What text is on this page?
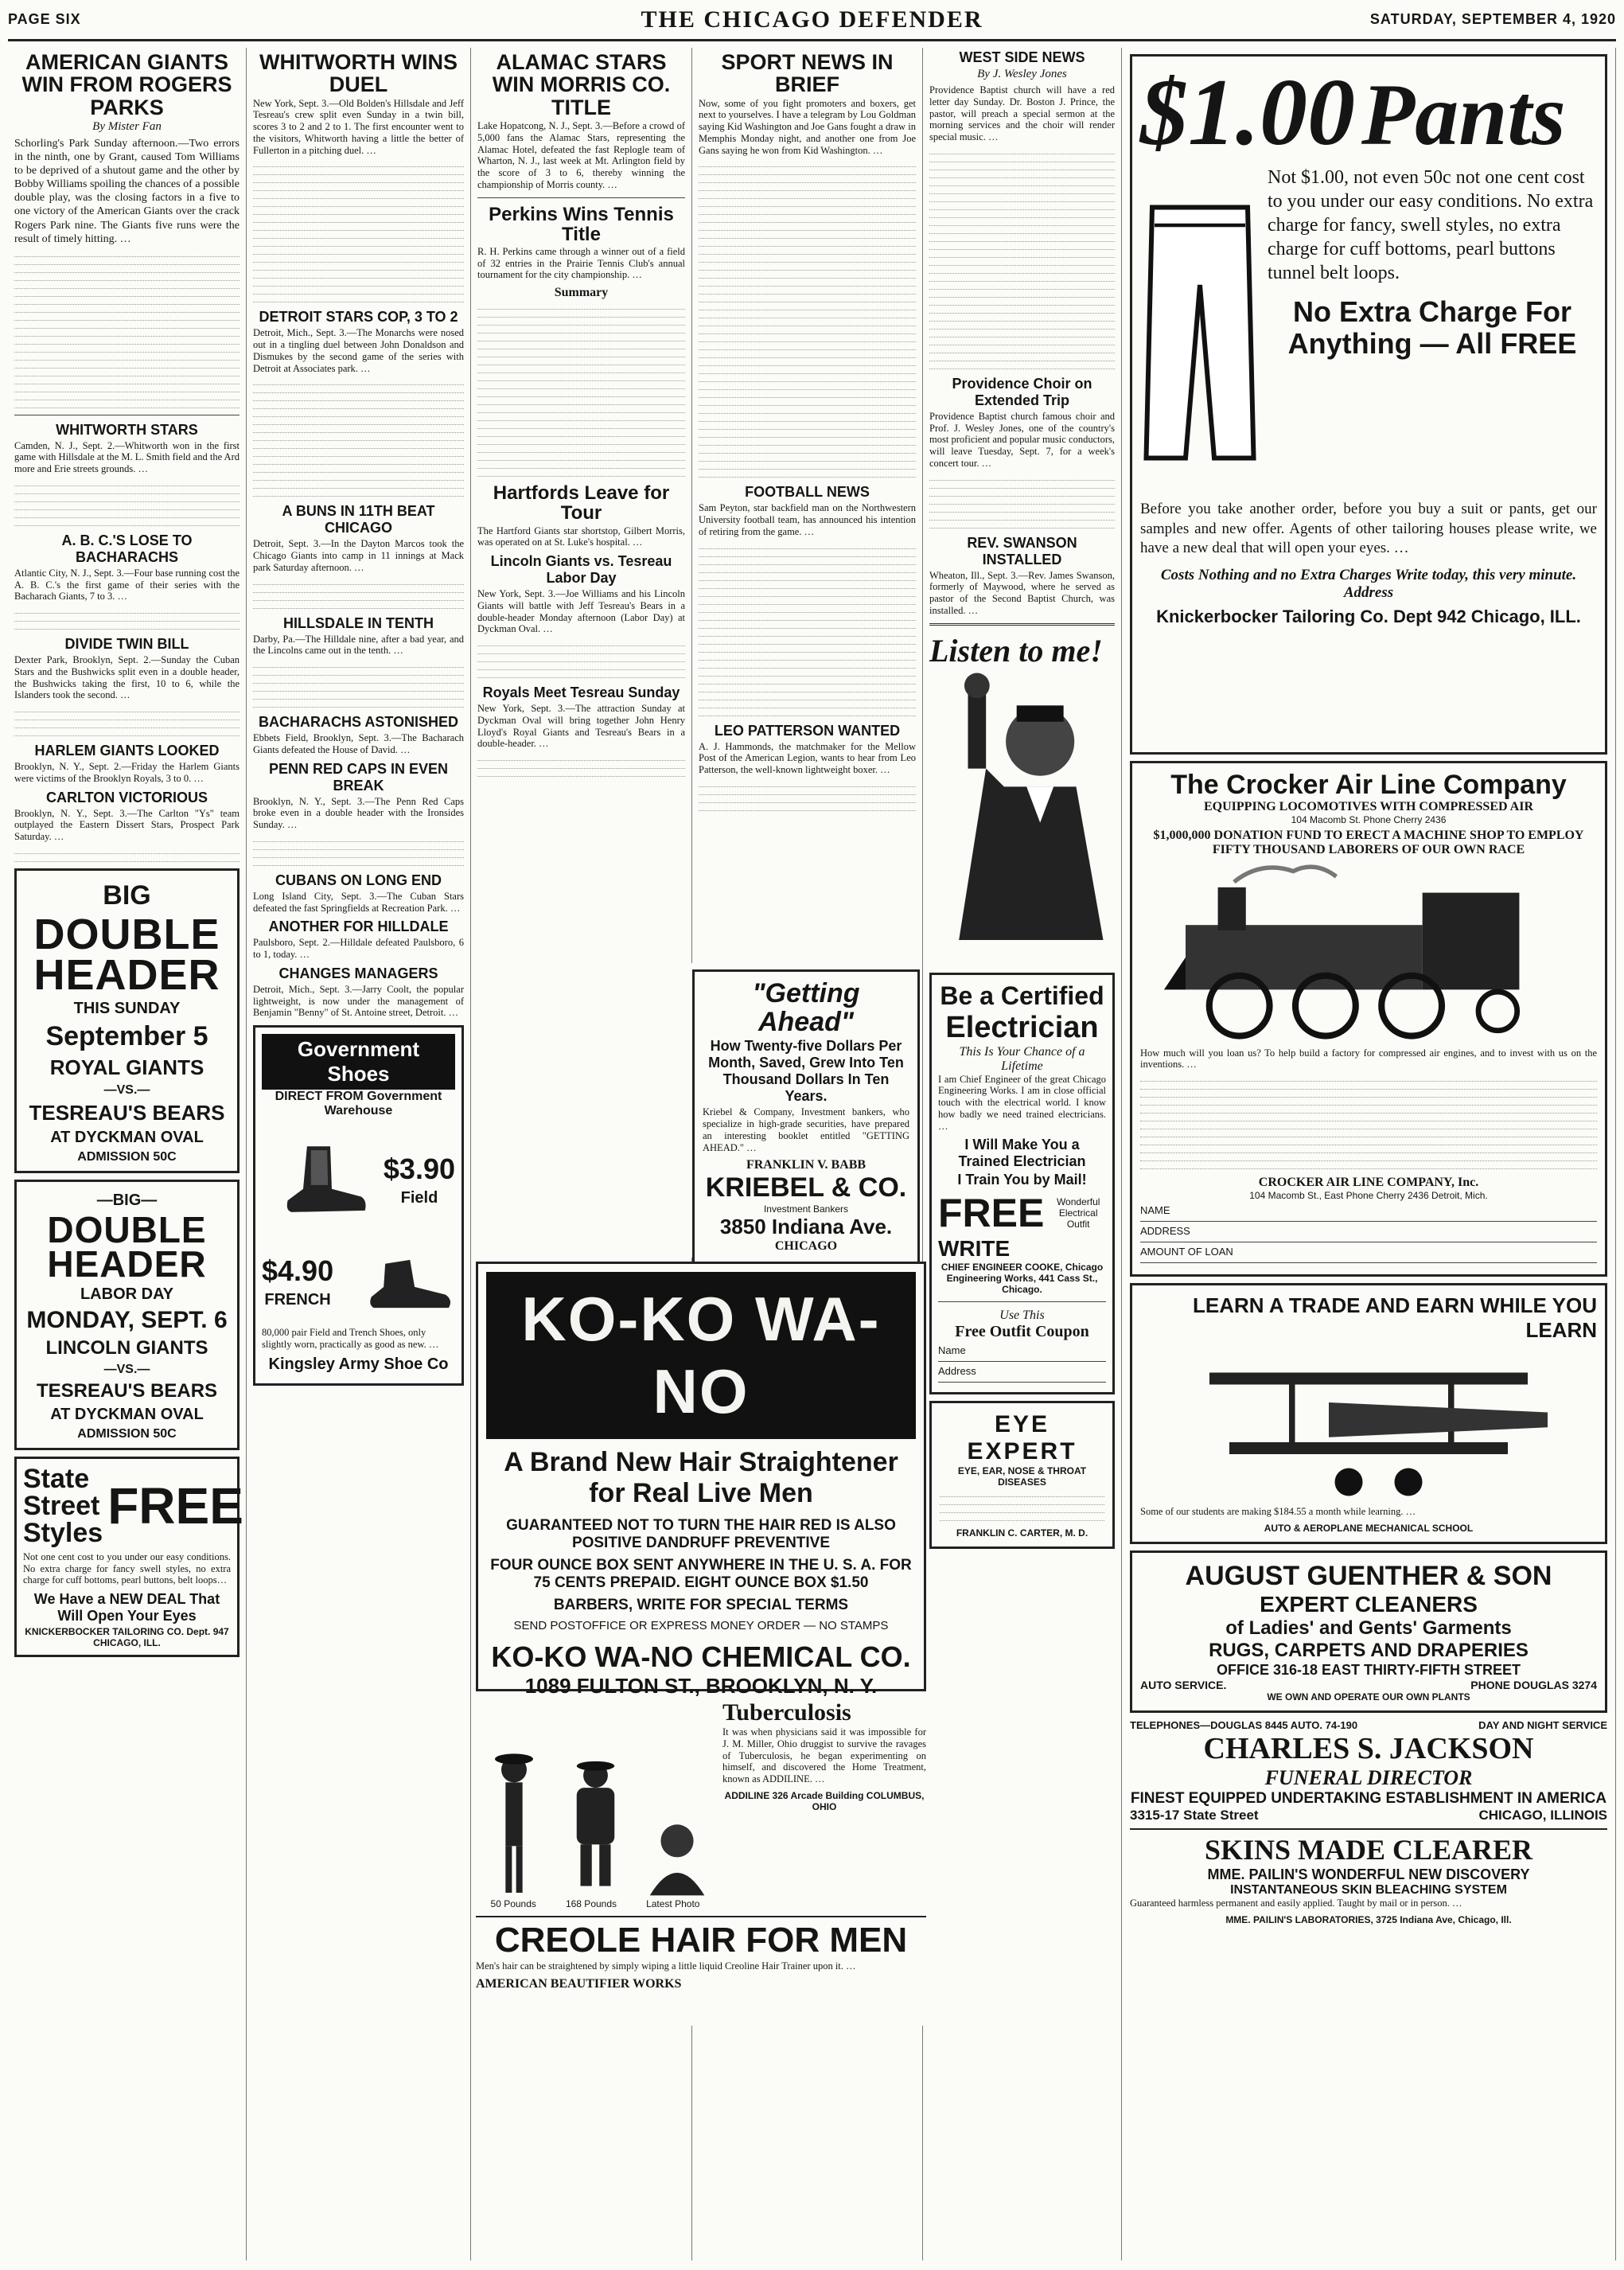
PAGE SIX	THE CHICAGO DEFENDER	SATURDAY, SEPTEMBER 4, 1920
AMERICAN GIANTS WIN FROM ROGERS PARKS
By Mister Fan
Schorling's Park Sunday afternoon.—Two errors in the ninth, one by Grant, caused Tom Williams to be deprived of a shutout game and the other by Bobby Williams spoiling the chances of a possible double play, was the closing factors in a five to one victory of the American Giants over the crack Rogers Park nine. The Giants five runs were the result of timely hitting. …
WHITWORTH STARS
Camden, N. J., Sept. 2.—Whitworth won in the first game with Hillsdale at the M. L. Smith field and the Ard more and Erie streets grounds. …
A. B. C.'S LOSE TO BACHARACHS
Atlantic City, N. J., Sept. 3.—Four base running cost the A. B. C.'s the first game of their series with the Bacharach Giants, 7 to 3. …
DIVIDE TWIN BILL
Dexter Park, Brooklyn, Sept. 2.—Sunday the Cuban Stars and the Bushwicks split even in a double header, the Bushwicks taking the first, 10 to 6, while the Islanders took the second. …
HARLEM GIANTS LOOKED
Brooklyn, N. Y., Sept. 2.—Friday the Harlem Giants were victims of the Brooklyn Royals, 3 to 0. …
CARLTON VICTORIOUS
Brooklyn, N. Y., Sept. 3.—The Carlton "Ys" team outplayed the Eastern Dissert Stars, Prospect Park Saturday. …
BIG
DOUBLE HEADER
THIS SUNDAY
September 5
ROYAL GIANTS
—VS.—
TESREAU'S BEARS
AT DYCKMAN OVAL
ADMISSION 50C
—BIG—
DOUBLE HEADER
LABOR DAY
MONDAY, SEPT. 6
LINCOLN GIANTS
—VS.—
TESREAU'S BEARS
AT DYCKMAN OVAL
ADMISSION 50C
State Street Styles FREE
Not one cent cost to you under our easy conditions. No extra charge for fancy swell styles, no extra charge for cuff bottoms, pearl buttons, belt loops…
We Have a NEW DEAL That Will Open Your Eyes
KNICKERBOCKER TAILORING CO. Dept. 947 CHICAGO, ILL.
WHITWORTH WINS DUEL
New York, Sept. 3.—Old Bolden's Hillsdale and Jeff Tesreau's crew split even Sunday in a twin bill, scores 3 to 2 and 2 to 1. The first encounter went to the visitors, Whitworth having a little the better of Fullerton in a pitching duel. …
DETROIT STARS COP, 3 TO 2
Detroit, Mich., Sept. 3.—The Monarchs were nosed out in a tingling duel between John Donaldson and Dismukes by the second game of the series with Detroit at Associates park. …
A BUNS IN 11TH BEAT CHICAGO
Detroit, Sept. 3.—In the Dayton Marcos took the Chicago Giants into camp in 11 innings at Mack park Saturday afternoon. …
HILLSDALE IN TENTH
Darby, Pa.—The Hilldale nine, after a bad year, and the Lincolns came out in the tenth. …
BACHARACHS ASTONISHED
Ebbets Field, Brooklyn, Sept. 3.—The Bacharach Giants defeated the House of David. …
PENN RED CAPS IN EVEN BREAK
Brooklyn, N. Y., Sept. 3.—The Penn Red Caps broke even in a double header with the Ironsides Sunday. …
CUBANS ON LONG END
Long Island City, Sept. 3.—The Cuban Stars defeated the fast Springfields at Recreation Park. …
ANOTHER FOR HILLDALE
Paulsboro, Sept. 2.—Hilldale defeated Paulsboro, 6 to 1, today. …
CHANGES MANAGERS
Detroit, Mich., Sept. 3.—Jarry Coolt, the popular lightweight, is now under the management of Benjamin "Benny" of St. Antoine street, Detroit. …
Government Shoes
DIRECT FROM Government Warehouse
$3.90
Field
$4.90
FRENCH
80,000 pair Field and Trench Shoes, only slightly worn, practically as good as new. …
Kingsley Army Shoe Co
ALAMAC STARS WIN MORRIS CO. TITLE
Lake Hopatcong, N. J., Sept. 3.—Before a crowd of 5,000 fans the Alamac Stars, representing the Alamac Hotel, defeated the fast Replogle team of Wharton, N. J., last week at Mt. Arlington field by the score of 3 to 6, thereby winning the championship of Morris county. …
Perkins Wins Tennis Title
R. H. Perkins came through a winner out of a field of 32 entries in the Prairie Tennis Club's annual tournament for the city championship. …
Summary
Hartfords Leave for Tour
The Hartford Giants star shortstop, Gilbert Morris, was operated on at St. Luke's hospital. …
Lincoln Giants vs. Tesreau Labor Day
New York, Sept. 3.—Joe Williams and his Lincoln Giants will battle with Jeff Tesreau's Bears in a double-header Monday afternoon (Labor Day) at Dyckman Oval. …
Royals Meet Tesreau Sunday
New York, Sept. 3.—The attraction Sunday at Dyckman Oval will bring together John Henry Lloyd's Royal Giants and Tesreau's Bears in a double-header. …
SPORT NEWS IN BRIEF
Now, some of you fight promoters and boxers, get next to yourselves. I have a telegram by Lou Goldman saying Kid Washington and Joe Gans fought a draw in Memphis Monday night, and another one from Joe Gans saying he won from Kid Washington. …
FOOTBALL NEWS
Sam Peyton, star backfield man on the Northwestern University football team, has announced his intention of retiring from the game. …
LEO PATTERSON WANTED
A. J. Hammonds, the matchmaker for the Mellow Post of the American Legion, wants to hear from Leo Patterson, the well-known lightweight boxer. …
"Getting Ahead"
How Twenty-five Dollars Per Month, Saved, Grew Into Ten Thousand Dollars In Ten Years.
Kriebel & Company, Investment bankers, who specialize in high-grade securities, have prepared an interesting booklet entitled "GETTING AHEAD." …
FRANKLIN V. BABB
KRIEBEL & CO.
Investment Bankers
3850 Indiana Ave.
CHICAGO
KO-KO WA-NO
A Brand New Hair Straightener for Real Live Men
GUARANTEED NOT TO TURN THE HAIR RED IS ALSO POSITIVE DANDRUFF PREVENTIVE
FOUR OUNCE BOX SENT ANYWHERE IN THE U. S. A. FOR 75 CENTS PREPAID. EIGHT OUNCE BOX $1.50
BARBERS, WRITE FOR SPECIAL TERMS
SEND POSTOFFICE OR EXPRESS MONEY ORDER — NO STAMPS
KO-KO WA-NO CHEMICAL CO.
1089 FULTON ST., BROOKLYN, N. Y.
Tuberculosis
It was when physicians said it was impossible for J. M. Miller, Ohio druggist to survive the ravages of Tuberculosis, he began experimenting on himself, and discovered the Home Treatment, known as ADDILINE. …
ADDILINE 326 Arcade Building COLUMBUS, OHIO
50 Pounds	168 Pounds	Latest Photo
CREOLE HAIR FOR MEN
Men's hair can be straightened by simply wiping a little liquid Creoline Hair Trainer upon it. …
AMERICAN BEAUTIFIER WORKS
WEST SIDE NEWS
By J. Wesley Jones
Providence Baptist church will have a red letter day Sunday. Dr. Boston J. Prince, the pastor, will preach a special sermon at the morning services and the choir will render special music. …
Providence Choir on Extended Trip
Providence Baptist church famous choir and Prof. J. Wesley Jones, one of the country's most proficient and popular music conductors, will leave Tuesday, Sept. 7, for a week's concert tour. …
REV. SWANSON INSTALLED
Wheaton, Ill., Sept. 3.—Rev. James Swanson, formerly of Maywood, where he served as pastor of the Second Baptist Church, was installed. …
Listen to me!
Be a Certified
Electrician
This Is Your Chance of a Lifetime
I am Chief Engineer of the great Chicago Engineering Works. I am in close official touch with the electrical world. I know how badly we need trained electricians. …
I Will Make You a Trained Electrician
I Train You by Mail!
FREE	Wonderful Electrical Outfit
WRITE
CHIEF ENGINEER COOKE, Chicago Engineering Works, 441 Cass St., Chicago.
Use This
Free Outfit Coupon
Name
Address
EYE EXPERT
EYE, EAR, NOSE & THROAT DISEASES
FRANKLIN C. CARTER, M. D.
$1.00 Pants
Not $1.00, not even 50c not one cent cost to you under our easy conditions. No extra charge for fancy, swell styles, no extra charge for cuff bottoms, pearl buttons tunnel belt loops.
No Extra Charge For Anything — All FREE
Before you take another order, before you buy a suit or pants, get our samples and new offer. Agents of other tailoring houses please write, we have a new deal that will open your eyes. …
Costs Nothing and no Extra Charges Write today, this very minute. Address
Knickerbocker Tailoring Co. Dept 942 Chicago, ILL.
The Crocker Air Line Company
EQUIPPING LOCOMOTIVES WITH COMPRESSED AIR
104 Macomb St. Phone Cherry 2436
$1,000,000 DONATION FUND TO ERECT A MACHINE SHOP TO EMPLOY FIFTY THOUSAND LABORERS OF OUR OWN RACE
How much will you loan us? To help build a factory for compressed air engines, and to invest with us on the inventions. …
CROCKER AIR LINE COMPANY, Inc.
104 Macomb St., East Phone Cherry 2436 Detroit, Mich.
NAME
ADDRESS
AMOUNT OF LOAN
LEARN A TRADE AND EARN WHILE YOU LEARN
Some of our students are making $184.55 a month while learning. …
AUTO & AEROPLANE MECHANICAL SCHOOL
AUGUST GUENTHER & SON
EXPERT CLEANERS
of Ladies' and Gents' Garments
RUGS, CARPETS AND DRAPERIES
OFFICE 316-18 EAST THIRTY-FIFTH STREET
AUTO SERVICE.	PHONE DOUGLAS 3274
WE OWN AND OPERATE OUR OWN PLANTS
TELEPHONES—DOUGLAS 8445 AUTO. 74-190	DAY AND NIGHT SERVICE
CHARLES S. JACKSON
FUNERAL DIRECTOR
FINEST EQUIPPED UNDERTAKING ESTABLISHMENT IN AMERICA
3315-17 State Street	CHICAGO, ILLINOIS
SKINS MADE CLEARER
MME. PAILIN'S WONDERFUL NEW DISCOVERY
INSTANTANEOUS SKIN BLEACHING SYSTEM
Guaranteed harmless permanent and easily applied. Taught by mail or in person. …
MME. PAILIN'S LABORATORIES, 3725 Indiana Ave, Chicago, Ill.
